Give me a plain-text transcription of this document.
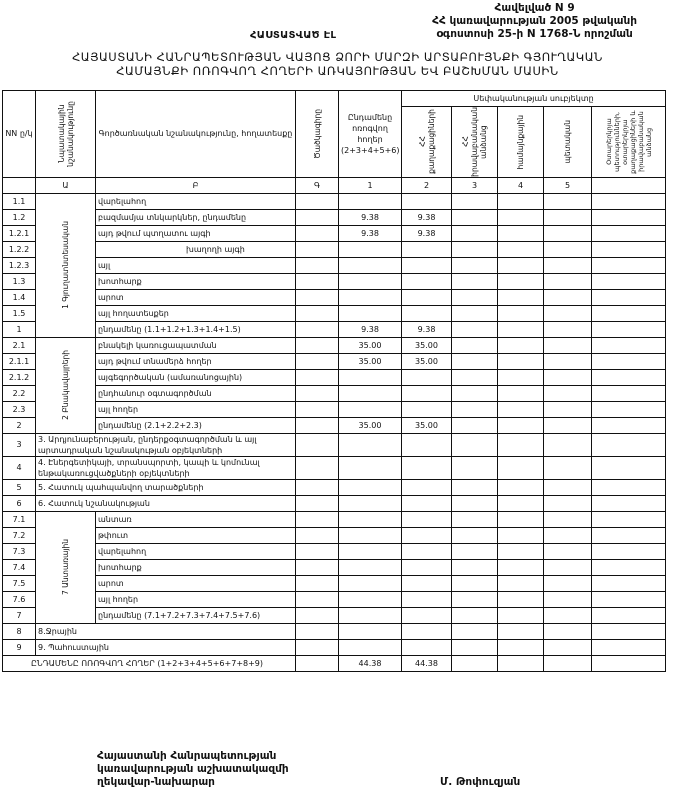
Հավելված N 9
ՀՀ կառավարության 2005 թվականի
օգոստոսի 25-ի N 1768-Ն որոշման
ՀԱՍՏԱՏՎԱԾ ԷԼ
ՀԱՅԱՍՏԱՆԻ ՀԱՆՐԱՊԵՏՈՒԹՅԱՆ ՎԱՅՈՑ ՁՈՐԻ ՄԱՐԶԻ ԱՐՏԱԲՈՒՅՆՔԻ ԳՅՈՒՂԱԿԱՆ
ՀԱՄԱՅՆՔԻ ՈՌՈԳՎՈՂ ՀՈՂԵՐԻ ԱՌԿԱՅՈՒԹՅԱՆ ԵՎ ԲԱՇԽՄԱՆ ՄԱՍԻՆ
NN ը/կ	Նպատակային նշանակությունը	Գործառնական նշանակությունը, հողատեսքը	Ծածկագիրը	Ընդամենը ոռոգվող հողեր (2+3+4+5+6)	Սեփականության սուբյեկտը				

					ՀՀ քաղաքացիների	ՀՀ իրավաբանական անձանց	համայնքային	պետական	Օտարերկրյա պետությունների, օտարերկրյա քաղաքացիների և իրավաբանական անձանց

	Ա	Բ	Գ	1	2	3	4	5	
1.1	1 Գյուղատնտեսական	վարելահող							
1.2		բազմամյա տնկարկներ, ընդամենը		9.38	9.38				
1.2.1		այդ թվում պտղատու այգի		9.38	9.38				
1.2.2		խաղողի այգի							
1.2.3		այլ							
1.3		խոտհարք							
1.4		արոտ							
1.5		այլ հողատեսքեր							
1		ընդամենը (1.1+1.2+1.3+1.4+1.5)		9.38	9.38				
2.1	2 Բնակավայրերի	բնակելի կառուցապատման		35.00	35.00				
2.1.1		այդ թվում տնամերձ հողեր		35.00	35.00				
2.1.2		այգեգործական (ամառանոցային)							
2.2		ընդհանուր օգտագործման							
2.3		այլ հողեր							
2		ընդամենը (2.1+2.2+2.3)		35.00	35.00				
3	3. Արդյունաբերության, ընդերքօգտագործման և այլ արտադրական նշանակության օբյեկտների								
4	4. Էներգետիկայի, տրանսպորտի, կապի և կոմունալ ենթակառուցվածքների օբյեկտների								
5	5. Հատուկ պահպանվող տարածքների								
6	6. Հատուկ նշանակության								
7.1	7 Անտառային	անտառ							
7.2		թփուտ							
7.3		վարելահող							
7.4		խոտհարք							
7.5		արոտ							
7.6		այլ հողեր							
7		ընդամենը (7.1+7.2+7.3+7.4+7.5+7.6)							
8	8.Ջրային								
9	9. Պահուստային								
ԸՆԴԱՄԵՆԸ ՈՌՈԳՎՈՂ ՀՈՂԵՐ (1+2+3+4+5+6+7+8+9)				44.38	44.38				
Հայաստանի Հանրապետության
կառավարության աշխատակազմի
ղեկավար-նախարար	Մ. Թոփուզյան
